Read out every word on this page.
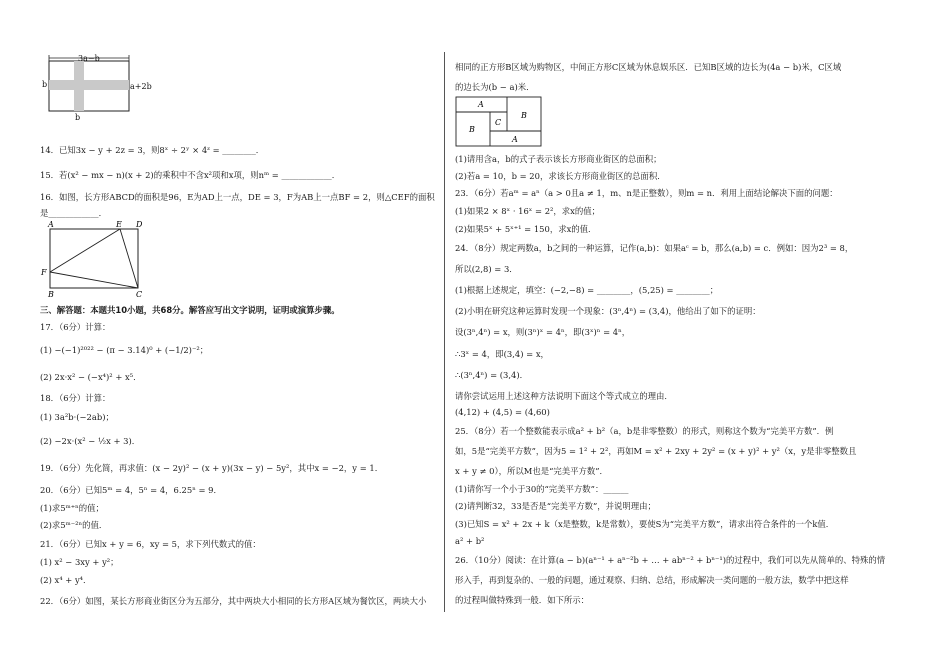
3a−b
b	a+2b
b
14．已知3x − y + 2z = 3，则8ˣ ÷ 2ʸ × 4ᶻ = ________．
15．若(x² − mx − n)(x + 2)的乘积中不含x²项和x项，则nᵐ = ____________．
16．如图，长方形ABCD的面积是96，E为AD上一点，DE = 3，F为AB上一点BF = 2，则△CEF的面积
是____________．
A	E D
F
B	C
三、解答题：本题共10小题，共68分。解答应写出文字说明，证明或演算步骤。
17．（6分）计算：
(1) −(−1)²⁰²² − (π − 3.14)⁰ + (−1/2)⁻²；
(2) 2x·x² − (−x⁴)² + x⁵．
18．（6分）计算：
(1) 3a²b·(−2ab)；
(2) −2x·(x² − ½x + 3)．
19．（6分）先化简，再求值：(x − 2y)² − (x + y)(3x − y) − 5y²，其中x = −2，y = 1．
20．（6分）已知5ᵐ = 4，5ⁿ = 4，6.25ⁿ = 9．
(1)求5ᵐ⁺ⁿ的值；
(2)求5ᵐ⁻²ⁿ的值．
21．（6分）已知x + y = 6，xy = 5，求下列代数式的值：
(1) x² − 3xy + y²；
(2) x⁴ + y⁴．
22．（6分）如图，某长方形商业街区分为五部分，其中两块大小相同的长方形A区域为餐饮区，两块大小
相同的正方形B区域为购物区，中间正方形C区域为休息娱乐区．已知B区域的边长为(4a − b)米，C区域
的边长为(b − a)米．
A
B
C
B
A
(1)请用含a，b的式子表示该长方形商业街区的总面积；
(2)若a = 10，b = 20，求该长方形商业街区的总面积．
23．（6分）若aᵐ = aⁿ（a > 0且a ≠ 1，m、n是正整数），则m = n．利用上面结论解决下面的问题：
(1)如果2 × 8ˣ · 16ˣ = 2²，求x的值；
(2)如果5ˣ + 5ˣ⁺¹ = 150，求x的值．
24．（8分）规定两数a，b之间的一种运算，记作(a,b)：如果aᶜ = b，那么(a,b) = c．例如：因为2³ = 8，
所以(2,8) = 3．
(1)根据上述规定，填空：(−2,−8) = ________，(5,25) = ________；
(2)小明在研究这种运算时发现一个现象：(3ⁿ,4ⁿ) = (3,4)，他给出了如下的证明：
设(3ⁿ,4ⁿ) = x，则(3ⁿ)ˣ = 4ⁿ，即(3ˣ)ⁿ = 4ⁿ，
∴3ˣ = 4，即(3,4) = x，
∴(3ⁿ,4ⁿ) = (3,4)．
请你尝试运用上述这种方法说明下面这个等式成立的理由．
(4,12) + (4,5) = (4,60)
25．（8分）若一个整数能表示成a² + b²（a，b是非零整数）的形式，则称这个数为“完美平方数”．例
如，5是“完美平方数”，因为5 = 1² + 2²，再如M = x² + 2xy + 2y² = (x + y)² + y²（x，y是非零整数且
x + y ≠ 0），所以M也是“完美平方数”．
(1)请你写一个小于30的“完美平方数”：______
(2)请判断32，33是否是“完美平方数”，并说明理由；
(3)已知S = x² + 2x + k（x是整数，k是常数），要使S为“完美平方数”，请求出符合条件的一个k值．
a² + b²
26．（10分）阅读：在计算(a − b)(aⁿ⁻¹ + aⁿ⁻²b + … + abⁿ⁻² + bⁿ⁻¹)的过程中，我们可以先从简单的、特殊的情
形入手，再到复杂的、一般的问题，通过观察、归纳、总结，形成解决一类问题的一般方法，数学中把这样
的过程叫做特殊到一般．如下所示：
